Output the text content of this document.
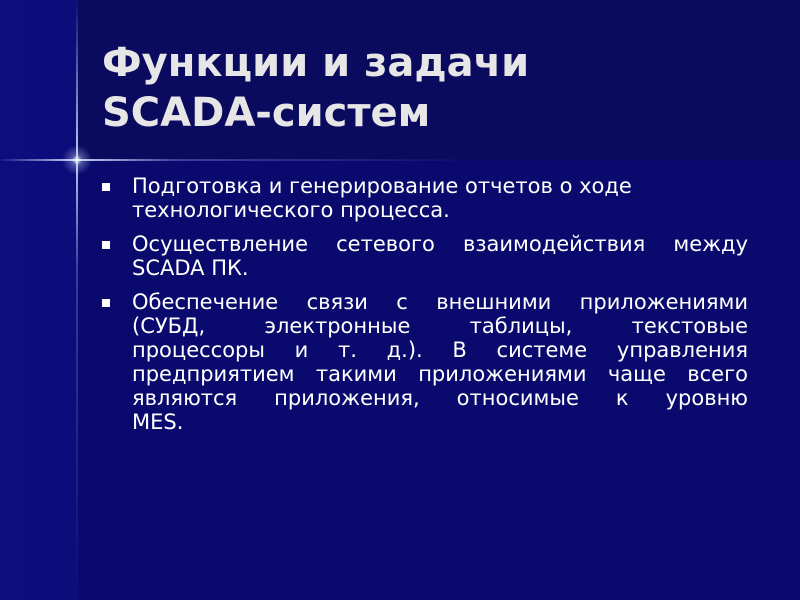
Функции и задачи
SCADA-систем
Подготовка и генерирование отчетов о ходе
технологического процесса.
Осуществление сетевого взаимодействия между
SCADA ПК.
Обеспечение связи с внешними приложениями
(СУБД, электронные таблицы, текстовые
процессоры и т. д.). В системе управления
предприятием такими приложениями чаще всего
являются приложения, относимые к уровню
MES.
